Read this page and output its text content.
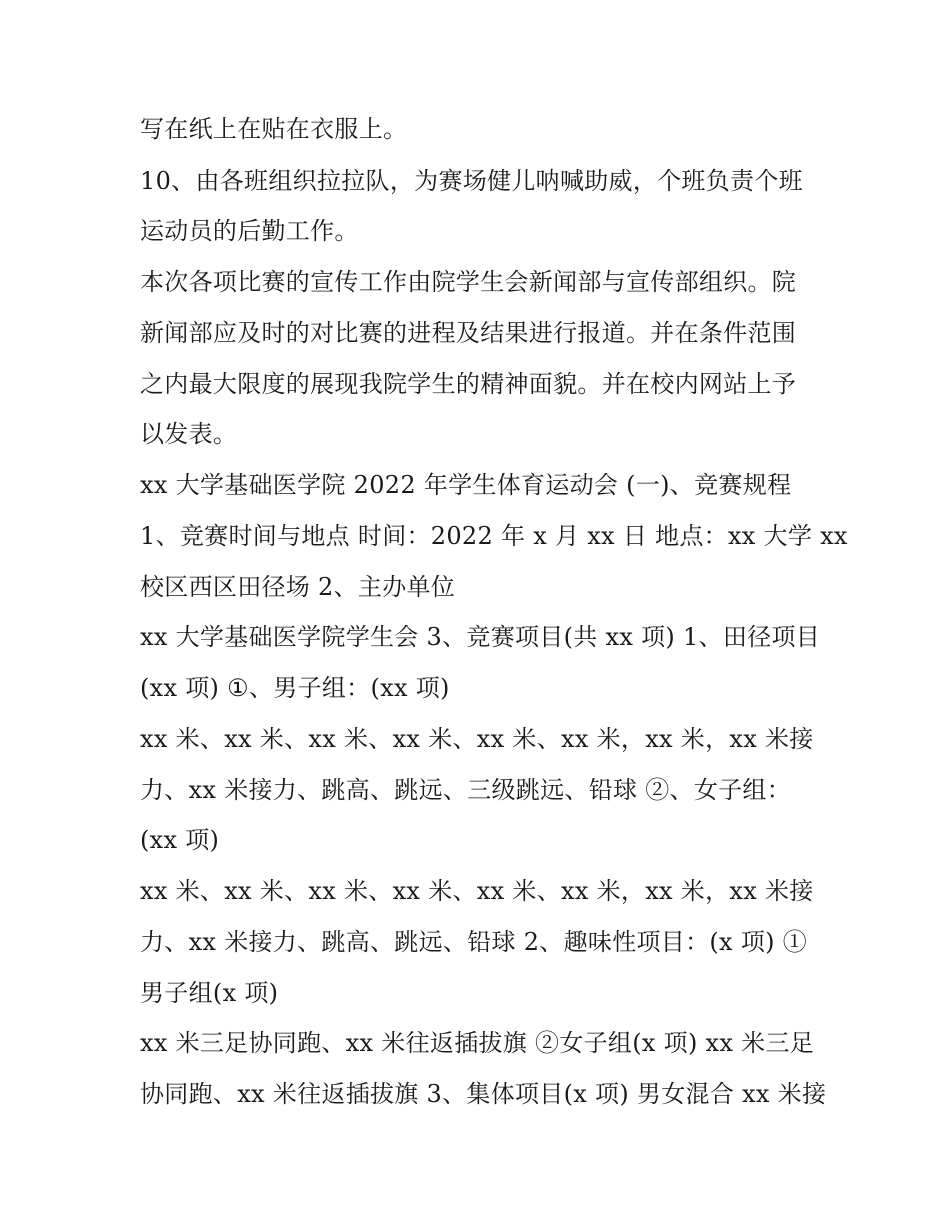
写在纸上在贴在衣服上。
10、由各班组织拉拉队，为赛场健儿呐喊助威，个班负责个班
运动员的后勤工作。
本次各项比赛的宣传工作由院学生会新闻部与宣传部组织。院
新闻部应及时的对比赛的进程及结果进行报道。并在条件范围
之内最大限度的展现我院学生的精神面貌。并在校内网站上予
以发表。
xx 大学基础医学院 2022 年学生体育运动会 (一)、竞赛规程
1、竞赛时间与地点 时间：2022 年 x 月 xx 日 地点：xx 大学 xx
校区西区田径场 2、主办单位
xx 大学基础医学院学生会 3、竞赛项目(共 xx 项) 1、田径项目
(xx 项) ①、男子组：(xx 项)
xx 米、xx 米、xx 米、xx 米、xx 米、xx 米，xx 米，xx 米接
力、xx 米接力、跳高、跳远、三级跳远、铅球 ②、女子组：
(xx 项)
xx 米、xx 米、xx 米、xx 米、xx 米、xx 米，xx 米，xx 米接
力、xx 米接力、跳高、跳远、铅球 2、趣味性项目：(x 项) ①
男子组(x 项)
xx 米三足协同跑、xx 米往返插拔旗 ②女子组(x 项) xx 米三足
协同跑、xx 米往返插拔旗 3、集体项目(x 项) 男女混合 xx 米接
